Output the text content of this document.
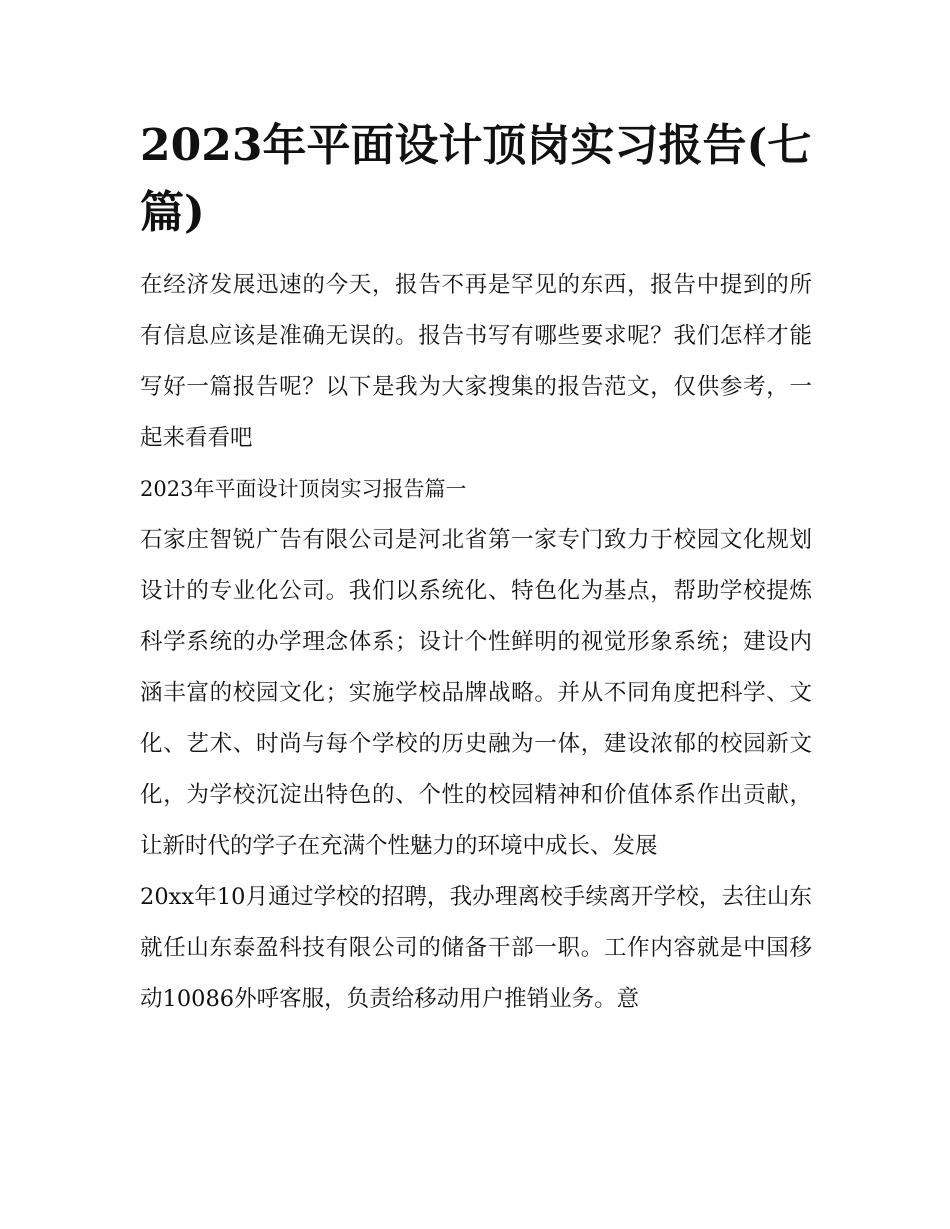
2023年平面设计顶岗实习报告(七篇)

在经济发展迅速的今天，报告不再是罕见的东西，报告中提到的所有信息应该是准确无误的。报告书写有哪些要求呢？我们怎样才能写好一篇报告呢？以下是我为大家搜集的报告范文，仅供参考，一起来看看吧

2023年平面设计顶岗实习报告篇一

石家庄智锐广告有限公司是河北省第一家专门致力于校园文化规划设计的专业化公司。我们以系统化、特色化为基点，帮助学校提炼科学系统的办学理念体系；设计个性鲜明的视觉形象系统；建设内涵丰富的校园文化；实施学校品牌战略。并从不同角度把科学、文化、艺术、时尚与每个学校的历史融为一体，建设浓郁的校园新文化，为学校沉淀出特色的、个性的校园精神和价值体系作出贡献，让新时代的学子在充满个性魅力的环境中成长、发展

20xx年10月通过学校的招聘，我办理离校手续离开学校，去往山东就任山东泰盈科技有限公司的储备干部一职。工作内容就是中国移动10086外呼客服，负责给移动用户推销业务。意
